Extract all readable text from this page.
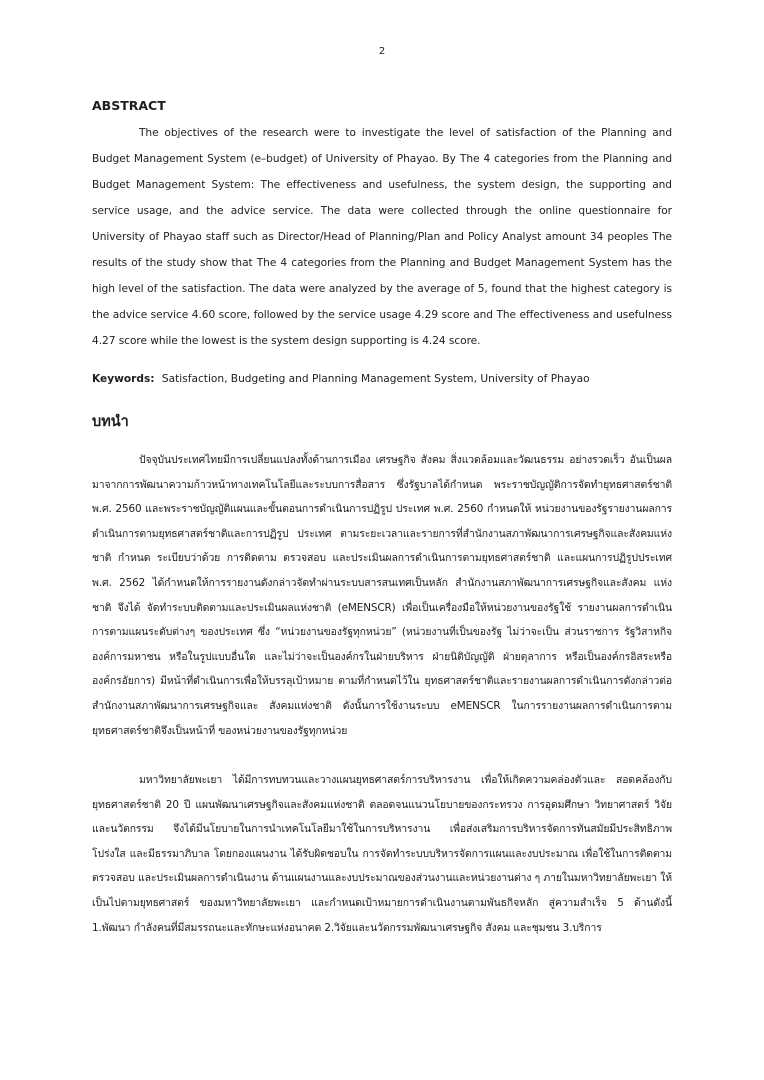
2
ABSTRACT

The objectives of the research were to investigate the level of satisfaction of the Planning and Budget Management System (e–budget) of University of Phayao. By The 4 categories from the Planning and Budget Management System: The effectiveness and usefulness, the system design, the supporting and service usage, and the advice service. The data were collected through the online questionnaire for University of Phayao staff such as Director/Head of Planning/Plan and Policy Analyst amount 34 peoples The results of the study show that The 4 categories from the Planning and Budget Management System has the high level of the satisfaction. The data were analyzed by the average of 5, found that the highest category is the advice service 4.60 score, followed by the service usage 4.29 score and The effectiveness and usefulness 4.27 score while the lowest is the system design supporting is 4.24 score.

Keywords: Satisfaction, Budgeting and Planning Management System, University of Phayao

บทนำ

ปัจจุบันประเทศไทยมีการเปลี่ยนแปลงทั้งด้านการเมือง เศรษฐกิจ สังคม สิ่งแวดล้อมและวัฒนธรรม อย่างรวดเร็ว อันเป็นผลมาจากการพัฒนาความก้าวหน้าทางเทคโนโลยีและระบบการสื่อสาร ซึ่งรัฐบาลได้กำหนด พระราชบัญญัติการจัดทำยุทธศาสตร์ชาติ พ.ศ. 2560 และพระราชบัญญัติแผนและขั้นตอนการดำเนินการปฏิรูป ประเทศ พ.ศ. 2560 กำหนดให้ หน่วยงานของรัฐรายงานผลการดำเนินการตามยุทธศาสตร์ชาติและการปฏิรูป ประเทศ ตามระยะเวลาและรายการที่สำนักงานสภาพัฒนาการเศรษฐกิจและสังคมแห่งชาติ กำหนด ระเบียบว่าด้วย การติดตาม ตรวจสอบ และประเมินผลการดำเนินการตามยุทธศาสตร์ชาติ และแผนการปฏิรูปประเทศ พ.ศ. 2562 ได้กำหนดให้การรายงานดังกล่าวจัดทำผ่านระบบสารสนเทศเป็นหลัก สำนักงานสภาพัฒนาการเศรษฐกิจและสังคม แห่งชาติ จึงได้ จัดทำระบบติดตามและประเมินผลแห่งชาติ (eMENSCR) เพื่อเป็นเครื่องมือให้หน่วยงานของรัฐใช้ รายงานผลการดำเนินการตามแผนระดับต่างๆ ของประเทศ ซึ่ง “หน่วยงานของรัฐทุกหน่วย” (หน่วยงานที่เป็นของรัฐ ไม่ว่าจะเป็น ส่วนราชการ รัฐวิสาหกิจ องค์การมหาชน หรือในรูปแบบอื่นใด และไม่ว่าจะเป็นองค์กรในฝ่ายบริหาร ฝ่ายนิติบัญญัติ ฝ่ายตุลาการ หรือเป็นองค์กรอิสระหรือองค์กรอัยการ) มีหน้าที่ดำเนินการเพื่อให้บรรลุเป้าหมาย ตามที่กำหนดไว้ใน ยุทธศาสตร์ชาติและรายงานผลการดำเนินการดังกล่าวต่อสำนักงานสภาพัฒนาการเศรษฐกิจและ สังคมแห่งชาติ ดังนั้นการใช้งานระบบ eMENSCR ในการรายงานผลการดำเนินการตามยุทธศาสตร์ชาติจึงเป็นหน้าที่ ของหน่วยงานของรัฐทุกหน่วย

มหาวิทยาลัยพะเยา ได้มีการทบทวนและวางแผนยุทธศาสตร์การบริหารงาน เพื่อให้เกิดความคล่องตัวและ สอดคล้องกับยุทธศาสตร์ชาติ 20 ปี แผนพัฒนาเศรษฐกิจและสังคมแห่งชาติ ตลอดจนแนวนโยบายของกระทรวง การอุดมศึกษา วิทยาศาสตร์ วิจัยและนวัตกรรม จึงได้มีนโยบายในการนำเทคโนโลยีมาใช้ในการบริหารงาน เพื่อส่งเสริมการบริหารจัดการทันสมัยมีประสิทธิภาพ โปร่งใส และมีธรรมาภิบาล โดยกองแผนงาน ได้รับผิดชอบใน การจัดทำระบบบริหารจัดการแผนและงบประมาณ เพื่อใช้ในการติดตาม ตรวจสอบ และประเมินผลการดำเนินงาน ด้านแผนงานและงบประมาณของส่วนงานและหน่วยงานต่าง ๆ ภายในมหาวิทยาลัยพะเยา ให้เป็นไปตามยุทธศาสตร์ ของมหาวิทยาลัยพะเยา และกำหนดเป้าหมายการดำเนินงานตามพันธกิจหลัก สู่ความสำเร็จ 5 ด้านดังนี้ 1.พัฒนา กำลังคนที่มีสมรรถนะและทักษะแห่งอนาคต 2.วิจัยและนวัตกรรมพัฒนาเศรษฐกิจ สังคม และชุมชน 3.บริการ
